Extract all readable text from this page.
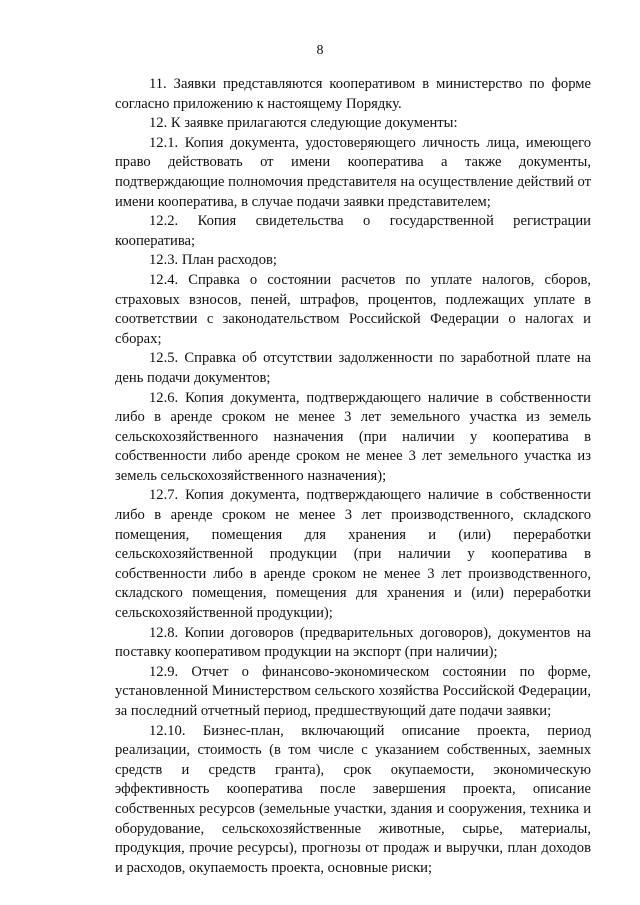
8

11. Заявки представляются кооперативом в министерство по форме согласно приложению к настоящему Порядку.

12. К заявке прилагаются следующие документы:

12.1. Копия документа, удостоверяющего личность лица, имеющего право действовать от имени кооператива а также документы, подтверждающие полномочия представителя на осуществление действий от имени кооператива, в случае подачи заявки представителем;

12.2. Копия свидетельства о государственной регистрации кооператива;

12.3. План расходов;

12.4. Справка о состоянии расчетов по уплате налогов, сборов, страховых взносов, пеней, штрафов, процентов, подлежащих уплате в соответствии с законодательством Российской Федерации о налогах и сборах;

12.5. Справка об отсутствии задолженности по заработной плате на день подачи документов;

12.6. Копия документа, подтверждающего наличие в собственности либо в аренде сроком не менее 3 лет земельного участка из земель сельскохозяйственного назначения (при наличии у кооператива в собственности либо аренде сроком не менее 3 лет земельного участка из земель сельскохозяйственного назначения);

12.7. Копия документа, подтверждающего наличие в собственности либо в аренде сроком не менее 3 лет производственного, складского помещения, помещения для хранения и (или) переработки сельскохозяйственной продукции (при наличии у кооператива в собственности либо в аренде сроком не менее 3 лет производственного, складского помещения, помещения для хранения и (или) переработки сельскохозяйственной продукции);

12.8. Копии договоров (предварительных договоров), документов на поставку кооперативом продукции на экспорт (при наличии);

12.9. Отчет о финансово-экономическом состоянии по форме, установленной Министерством сельского хозяйства Российской Федерации, за последний отчетный период, предшествующий дате подачи заявки;

12.10. Бизнес-план, включающий описание проекта, период реализации, стоимость (в том числе с указанием собственных, заемных средств и средств гранта), срок окупаемости, экономическую эффективность кооператива после завершения проекта, описание собственных ресурсов (земельные участки, здания и сооружения, техника и оборудование, сельскохозяйственные животные, сырье, материалы, продукция, прочие ресурсы), прогнозы от продаж и выручки, план доходов и расходов, окупаемость проекта, основные риски;
